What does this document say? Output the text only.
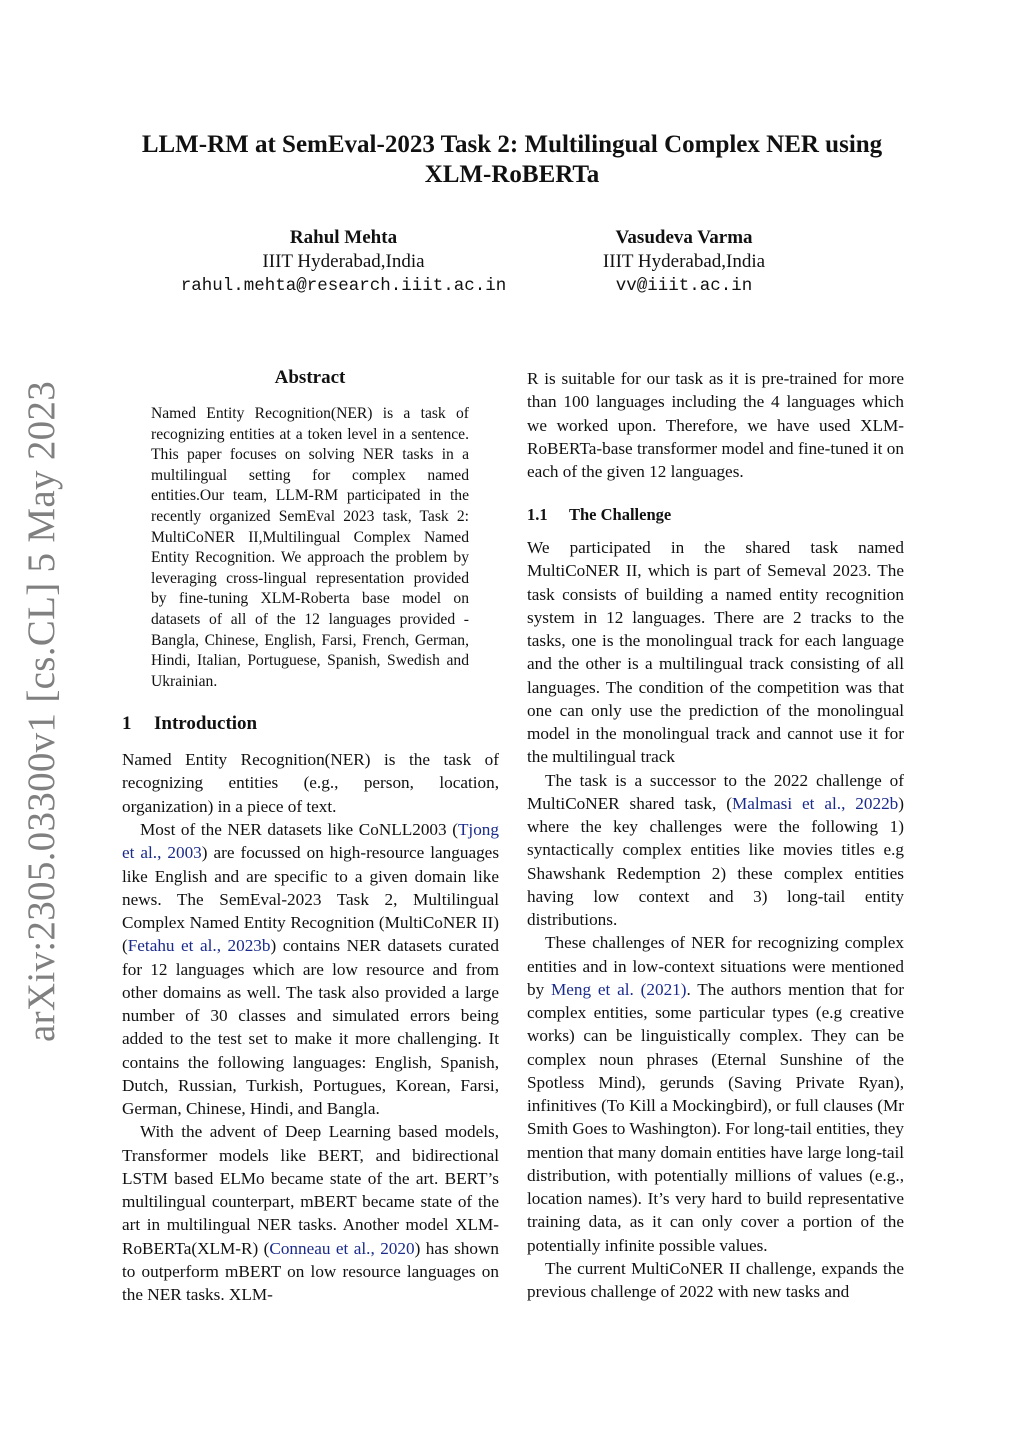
LLM-RM at SemEval-2023 Task 2: Multilingual Complex NER using XLM-RoBERTa
Rahul Mehta
IIIT Hyderabad,India
rahul.mehta@research.iiit.ac.in
Vasudeva Varma
IIIT Hyderabad,India
vv@iiit.ac.in
arXiv:2305.03300v1 [cs.CL] 5 May 2023
Abstract
Named Entity Recognition(NER) is a task of recognizing entities at a token level in a sentence. This paper focuses on solving NER tasks in a multilingual setting for complex named entities.Our team, LLM-RM participated in the recently organized SemEval 2023 task, Task 2: MultiCoNER II,Multilingual Complex Named Entity Recognition. We approach the problem by leveraging cross-lingual representation provided by fine-tuning XLM-Roberta base model on datasets of all of the 12 languages provided - Bangla, Chinese, English, Farsi, French, German, Hindi, Italian, Portuguese, Spanish, Swedish and Ukrainian.
1 Introduction

Named Entity Recognition(NER) is the task of recognizing entities (e.g., person, location, organization) in a piece of text.

Most of the NER datasets like CoNLL2003 (Tjong et al., 2003) are focussed on high-resource languages like English and are specific to a given domain like news. The SemEval-2023 Task 2, Multilingual Complex Named Entity Recognition (MultiCoNER II) (Fetahu et al., 2023b) contains NER datasets curated for 12 languages which are low resource and from other domains as well. The task also provided a large number of 30 classes and simulated errors being added to the test set to make it more challenging. It contains the following languages: English, Spanish, Dutch, Russian, Turkish, Portugues, Korean, Farsi, German, Chinese, Hindi, and Bangla.

With the advent of Deep Learning based models, Transformer models like BERT, and bidirectional LSTM based ELMo became state of the art. BERT’s multilingual counterpart, mBERT became state of the art in multilingual NER tasks. Another model XLM-RoBERTa(XLM-R) (Conneau et al., 2020) has shown to outperform mBERT on low resource languages on the NER tasks. XLM-

R is suitable for our task as it is pre-trained for more than 100 languages including the 4 languages which we worked upon. Therefore, we have used XLM-RoBERTa-base transformer model and fine-tuned it on each of the given 12 languages.

1.1 The Challenge

We participated in the shared task named MultiCoNER II, which is part of Semeval 2023. The task consists of building a named entity recognition system in 12 languages. There are 2 tracks to the tasks, one is the monolingual track for each language and the other is a multilingual track consisting of all languages. The condition of the competition was that one can only use the prediction of the monolingual model in the monolingual track and cannot use it for the multilingual track

The task is a successor to the 2022 challenge of MultiCoNER shared task, (Malmasi et al., 2022b) where the key challenges were the following 1) syntactically complex entities like movies titles e.g Shawshank Redemption 2) these complex entities having low context and 3) long-tail entity distributions.

These challenges of NER for recognizing complex entities and in low-context situations were mentioned by Meng et al. (2021). The authors mention that for complex entities, some particular types (e.g creative works) can be linguistically complex. They can be complex noun phrases (Eternal Sunshine of the Spotless Mind), gerunds (Saving Private Ryan), infinitives (To Kill a Mockingbird), or full clauses (Mr Smith Goes to Washington). For long-tail entities, they mention that many domain entities have large long-tail distribution, with potentially millions of values (e.g., location names). It’s very hard to build representative training data, as it can only cover a portion of the potentially infinite possible values.

The current MultiCoNER II challenge, expands the previous challenge of 2022 with new tasks and
